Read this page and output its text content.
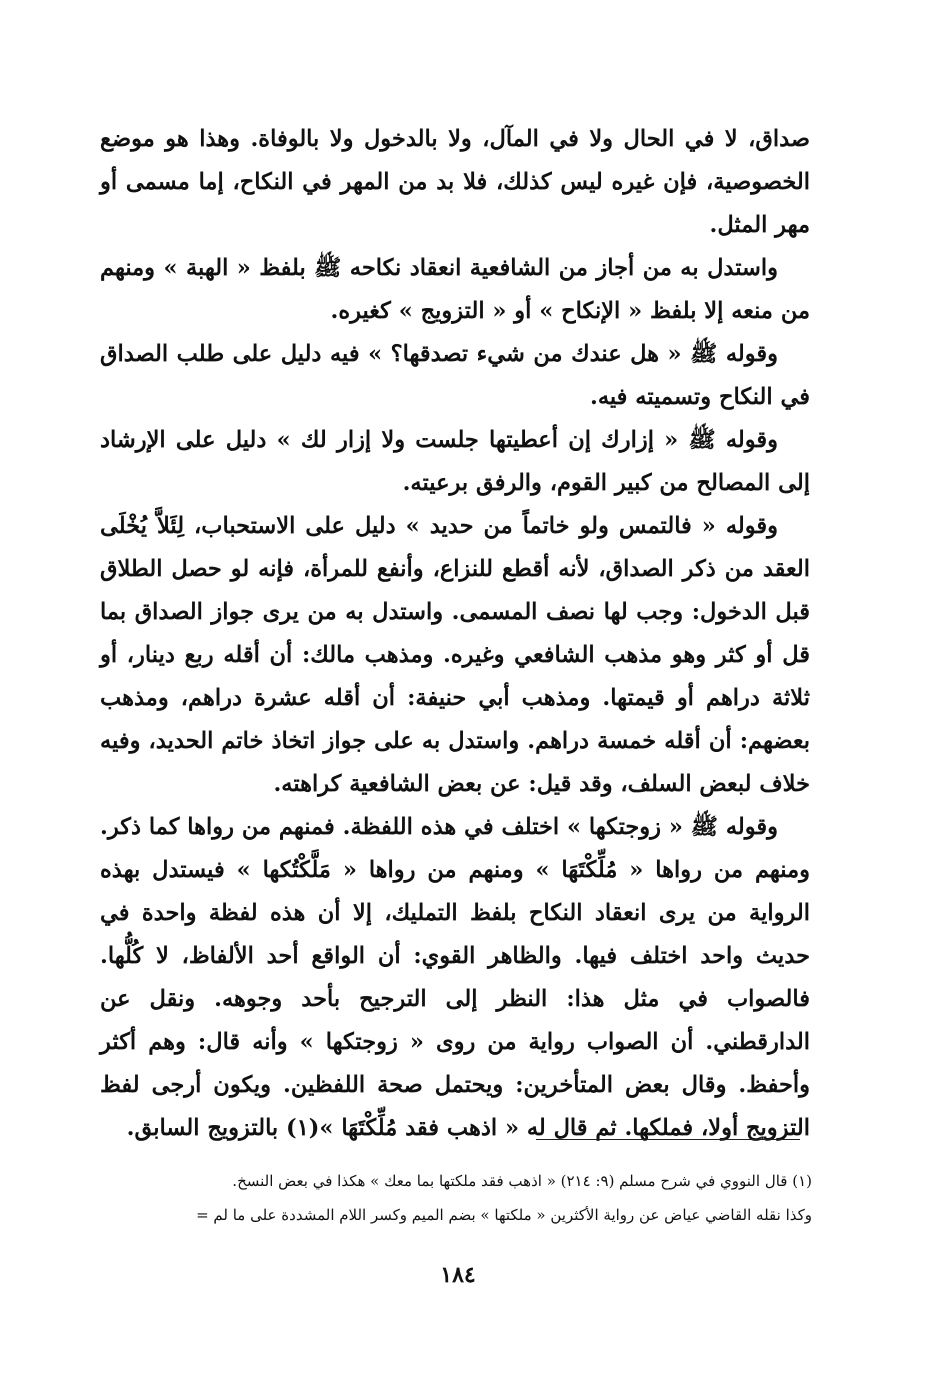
صداق، لا في الحال ولا في المآل، ولا بالدخول ولا بالوفاة. وهذا هو موضع الخصوصية، فإن غيره ليس كذلك، فلا بد من المهر في النكاح، إما مسمى أو مهر المثل.

واستدل به من أجاز من الشافعية انعقاد نكاحه ﷺ بلفظ « الهبة » ومنهم من منعه إلا بلفظ « الإنكاح » أو « التزويج » كغيره.

وقوله ﷺ « هل عندك من شيء تصدقها؟ » فيه دليل على طلب الصداق في النكاح وتسميته فيه.

وقوله ﷺ « إزارك إن أعطيتها جلست ولا إزار لك » دليل على الإرشاد إلى المصالح من كبير القوم، والرفق برعيته.

وقوله « فالتمس ولو خاتماً من حديد » دليل على الاستحباب، لِئَلاَّ يُخْلَى العقد من ذكر الصداق، لأنه أقطع للنزاع، وأنفع للمرأة، فإنه لو حصل الطلاق قبل الدخول: وجب لها نصف المسمى. واستدل به من يرى جواز الصداق بما قل أو كثر وهو مذهب الشافعي وغيره. ومذهب مالك: أن أقله ربع دينار، أو ثلاثة دراهم أو قيمتها. ومذهب أبي حنيفة: أن أقله عشرة دراهم، ومذهب بعضهم: أن أقله خمسة دراهم. واستدل به على جواز اتخاذ خاتم الحديد، وفيه خلاف لبعض السلف، وقد قيل: عن بعض الشافعية كراهته.

وقوله ﷺ « زوجتكها » اختلف في هذه اللفظة. فمنهم من رواها كما ذكر. ومنهم من رواها « مُلِّكْتَهَا » ومنهم من رواها « مَلَّكْتُكها » فيستدل بهذه الرواية من يرى انعقاد النكاح بلفظ التمليك، إلا أن هذه لفظة واحدة في حديث واحد اختلف فيها. والظاهر القوي: أن الواقع أحد الألفاظ، لا كُلُّها. فالصواب في مثل هذا: النظر إلى الترجيح بأحد وجوهه. ونقل عن الدارقطني. أن الصواب رواية من روى « زوجتكها » وأنه قال: وهم أكثر وأحفظ. وقال بعض المتأخرين: ويحتمل صحة اللفظين. ويكون أرجى لفظ التزويج أولا، فملكها. ثم قال له « اذهب فقد مُلِّكْتَهَا »(١) بالتزويج السابق.

(١) قال النووي في شرح مسلم (٩: ٢١٤) « اذهب فقد ملكتها بما معك » هكذا في بعض النسخ.

وكذا نقله القاضي عياض عن رواية الأكثرين « ملكتها » بضم الميم وكسر اللام المشددة على ما لم =

١٨٤
